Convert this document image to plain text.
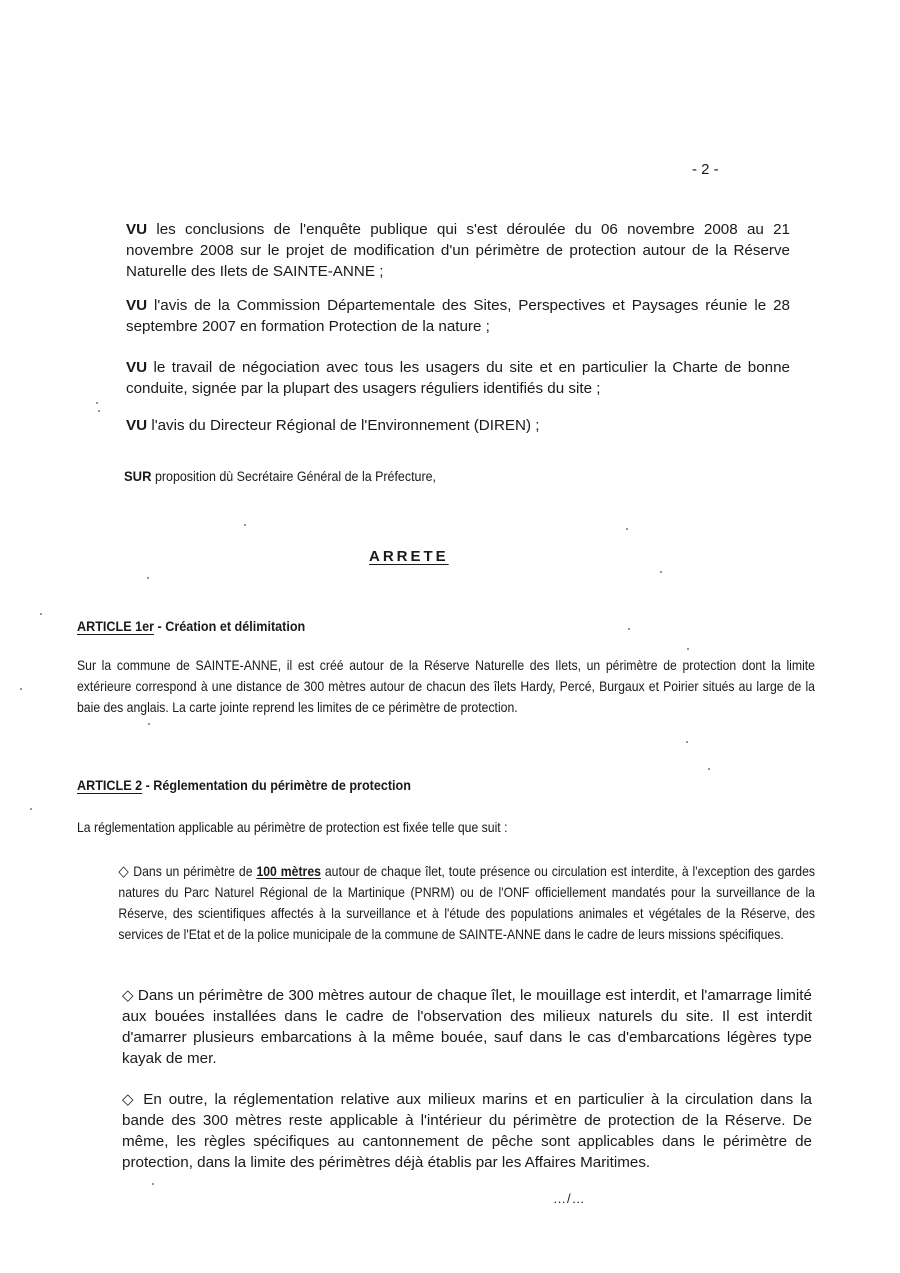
- 2 -
VU les conclusions de l'enquête publique qui s'est déroulée du 06 novembre 2008 au 21 novembre 2008 sur le projet de modification d'un périmètre de protection autour de la Réserve Naturelle des Ilets de SAINTE-ANNE ;
VU l'avis de la Commission Départementale des Sites, Perspectives et Paysages réunie le 28 septembre 2007 en formation Protection de la nature ;
VU le travail de négociation avec tous les usagers du site et en particulier la Charte de bonne conduite, signée par la plupart des usagers réguliers identifiés du site ;
VU l'avis du Directeur Régional de l'Environnement (DIREN) ;
SUR proposition dù Secrétaire Général de la Préfecture,
ARRETE
ARTICLE 1er - Création et délimitation
Sur la commune de SAINTE-ANNE, il est créé autour de la Réserve Naturelle des Ilets, un périmètre de protection dont la limite extérieure correspond à une distance de 300 mètres autour de chacun des îlets Hardy, Percé, Burgaux et Poirier situés au large de la baie des anglais. La carte jointe reprend les limites de ce périmètre de protection.
ARTICLE 2 - Réglementation du périmètre de protection
La réglementation applicable au périmètre de protection est fixée telle que suit :
◇ Dans un périmètre de 100 mètres autour de chaque îlet, toute présence ou circulation est interdite, à l'exception des gardes natures du Parc Naturel Régional de la Martinique (PNRM) ou de l'ONF officiellement mandatés pour la surveillance de la Réserve, des scientifiques affectés à la surveillance et à l'étude des populations animales et végétales de la Réserve, des services de l'Etat et de la police municipale de la commune de SAINTE-ANNE dans le cadre de leurs missions spécifiques.
◇ Dans un périmètre de 300 mètres autour de chaque îlet, le mouillage est interdit, et l'amarrage limité aux bouées installées dans le cadre de l'observation des milieux naturels du site. Il est interdit d'amarrer plusieurs embarcations à la même bouée, sauf dans le cas d'embarcations légères type kayak de mer.
◇ En outre, la réglementation relative aux milieux marins et en particulier à la circulation dans la bande des 300 mètres reste applicable à l'intérieur du périmètre de protection de la Réserve. De même, les règles spécifiques au cantonnement de pêche sont applicables dans le périmètre de protection, dans la limite des périmètres déjà établis par les Affaires Maritimes.
…/…
